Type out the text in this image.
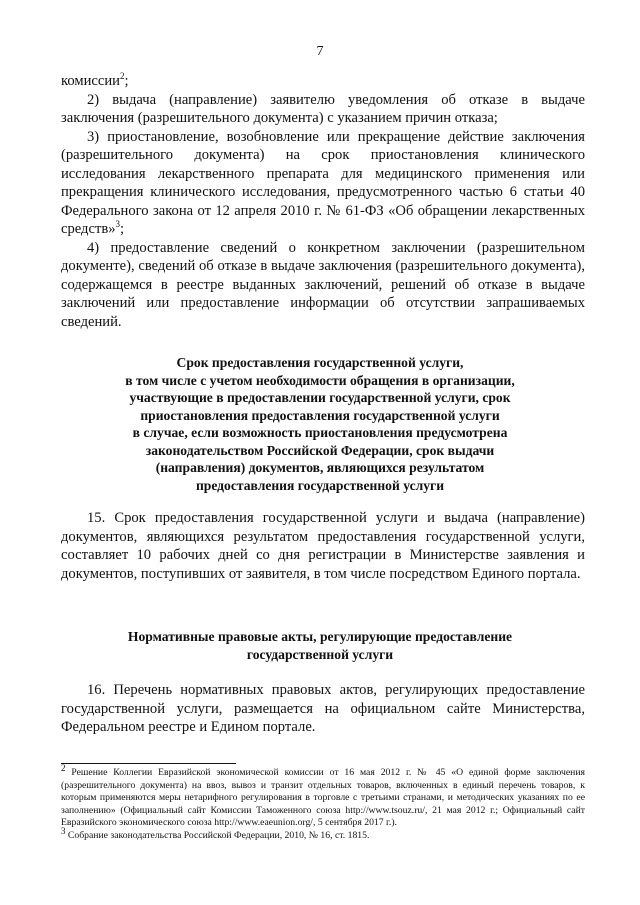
7

комиссии$^2$;

2) выдача (направление) заявителю уведомления об отказе в выдаче заключения (разрешительного документа) с указанием причин отказа;

3) приостановление, возобновление или прекращение действие заключения (разрешительного документа) на срок приостановления клинического исследования лекарственного препарата для медицинского применения или прекращения клинического исследования, предусмотренного частью 6 статьи 40 Федерального закона от 12 апреля 2010 г. № 61-ФЗ «Об обращении лекарственных средств»$^3$;

4) предоставление сведений о конкретном заключении (разрешительном документе), сведений об отказе в выдаче заключения (разрешительного документа), содержащемся в реестре выданных заключений, решений об отказе в выдаче заключений или предоставление информации об отсутствии запрашиваемых сведений.

Срок предоставления государственной услуги,
в том числе с учетом необходимости обращения в организации,
участвующие в предоставлении государственной услуги, срок
приостановления предоставления государственной услуги
в случае, если возможность приостановления предусмотрена
законодательством Российской Федерации, срок выдачи
(направления) документов, являющихся результатом
предоставления государственной услуги

15. Срок предоставления государственной услуги и выдача (направление) документов, являющихся результатом предоставления государственной услуги, составляет 10 рабочих дней со дня регистрации в Министерстве заявления и документов, поступивших от заявителя, в том числе посредством Единого портала.

Нормативные правовые акты, регулирующие предоставление
государственной услуги

16. Перечень нормативных правовых актов, регулирующих предоставление государственной услуги, размещается на официальном сайте Министерства, Федеральном реестре и Едином портале.

$^2$ Решение Коллегии Евразийской экономической комиссии от 16 мая 2012 г. № 45 «О единой форме заключения (разрешительного документа) на ввоз, вывоз и транзит отдельных товаров, включенных в единый перечень товаров, к которым применяются меры нетарифного регулирования в торговле с третьими странами, и методических указаниях по ее заполнению» (Официальный сайт Комиссии Таможенного союза http://www.tsouz.ru/, 21 мая 2012 г.; Официальный сайт Евразийского экономического союза http://www.eaeunion.org/, 5 сентября 2017 г.).

$^3$ Собрание законодательства Российской Федерации, 2010, № 16, ст. 1815.
